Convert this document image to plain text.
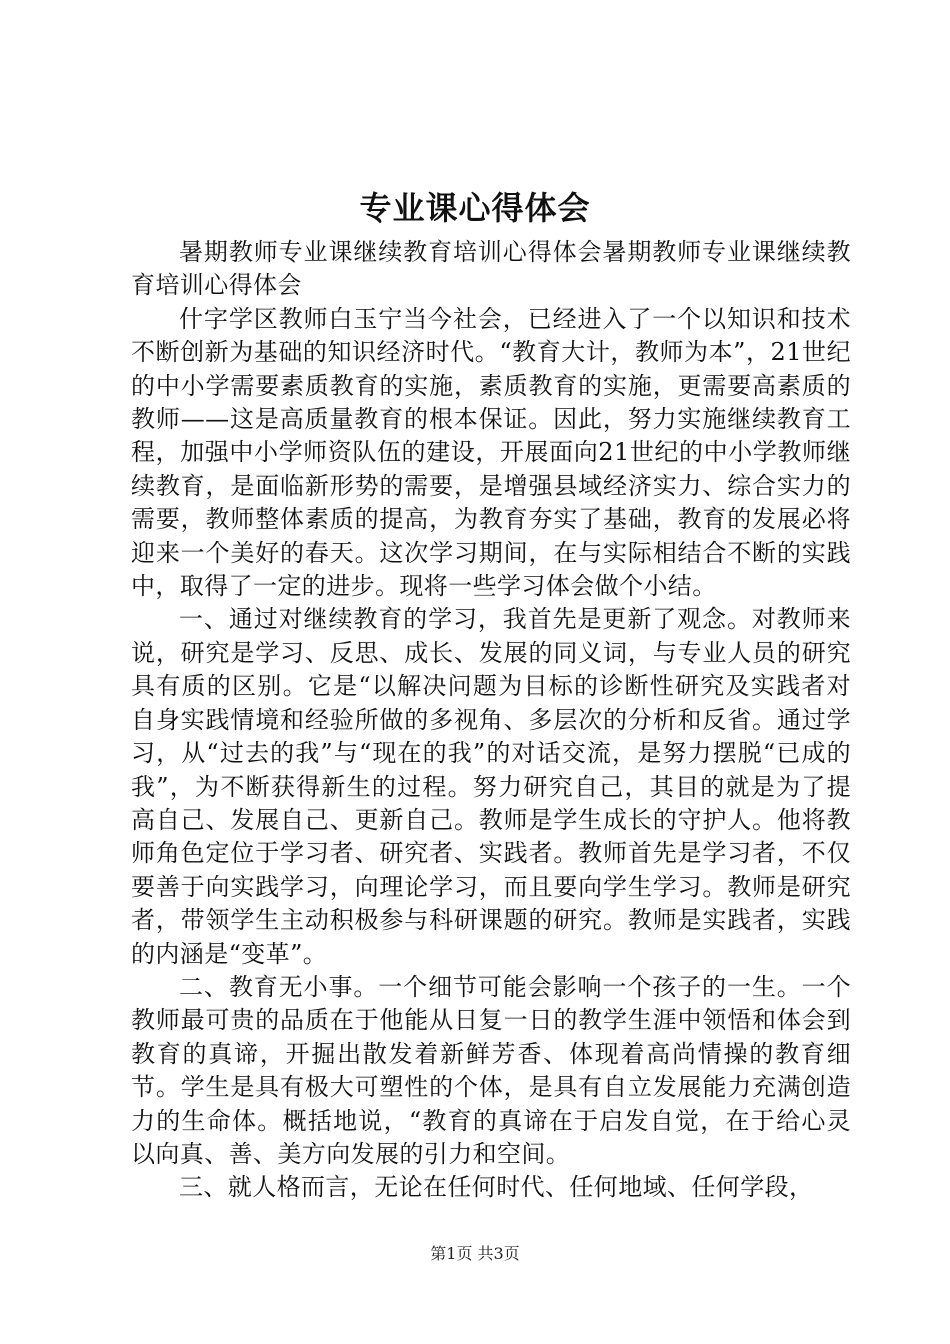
专业课心得体会

暑期教师专业课继续教育培训心得体会暑期教师专业课继续教育培训心得体会

什字学区教师白玉宁当今社会，已经进入了一个以知识和技术不断创新为基础的知识经济时代。“教育大计，教师为本”，21世纪的中小学需要素质教育的实施，素质教育的实施，更需要高素质的教师——这是高质量教育的根本保证。因此，努力实施继续教育工程，加强中小学师资队伍的建设，开展面向21世纪的中小学教师继续教育，是面临新形势的需要，是增强县域经济实力、综合实力的需要，教师整体素质的提高，为教育夯实了基础，教育的发展必将迎来一个美好的春天。这次学习期间，在与实际相结合不断的实践中，取得了一定的进步。现将一些学习体会做个小结。

一、通过对继续教育的学习，我首先是更新了观念。对教师来说，研究是学习、反思、成长、发展的同义词，与专业人员的研究具有质的区别。它是“以解决问题为目标的诊断性研究及实践者对自身实践情境和经验所做的多视角、多层次的分析和反省。通过学习，从“过去的我”与“现在的我”的对话交流，是努力摆脱“已成的我”，为不断获得新生的过程。努力研究自己，其目的就是为了提高自己、发展自己、更新自己。教师是学生成长的守护人。他将教师角色定位于学习者、研究者、实践者。教师首先是学习者，不仅要善于向实践学习，向理论学习，而且要向学生学习。教师是研究者，带领学生主动积极参与科研课题的研究。教师是实践者，实践的内涵是“变革”。

二、教育无小事。一个细节可能会影响一个孩子的一生。一个教师最可贵的品质在于他能从日复一日的教学生涯中领悟和体会到教育的真谛，开掘出散发着新鲜芳香、体现着高尚情操的教育细节。学生是具有极大可塑性的个体，是具有自立发展能力充满创造力的生命体。概括地说，“教育的真谛在于启发自觉，在于给心灵以向真、善、美方向发展的引力和空间。

三、就人格而言，无论在任何时代、任何地域、任何学段，

第1页 共3页
